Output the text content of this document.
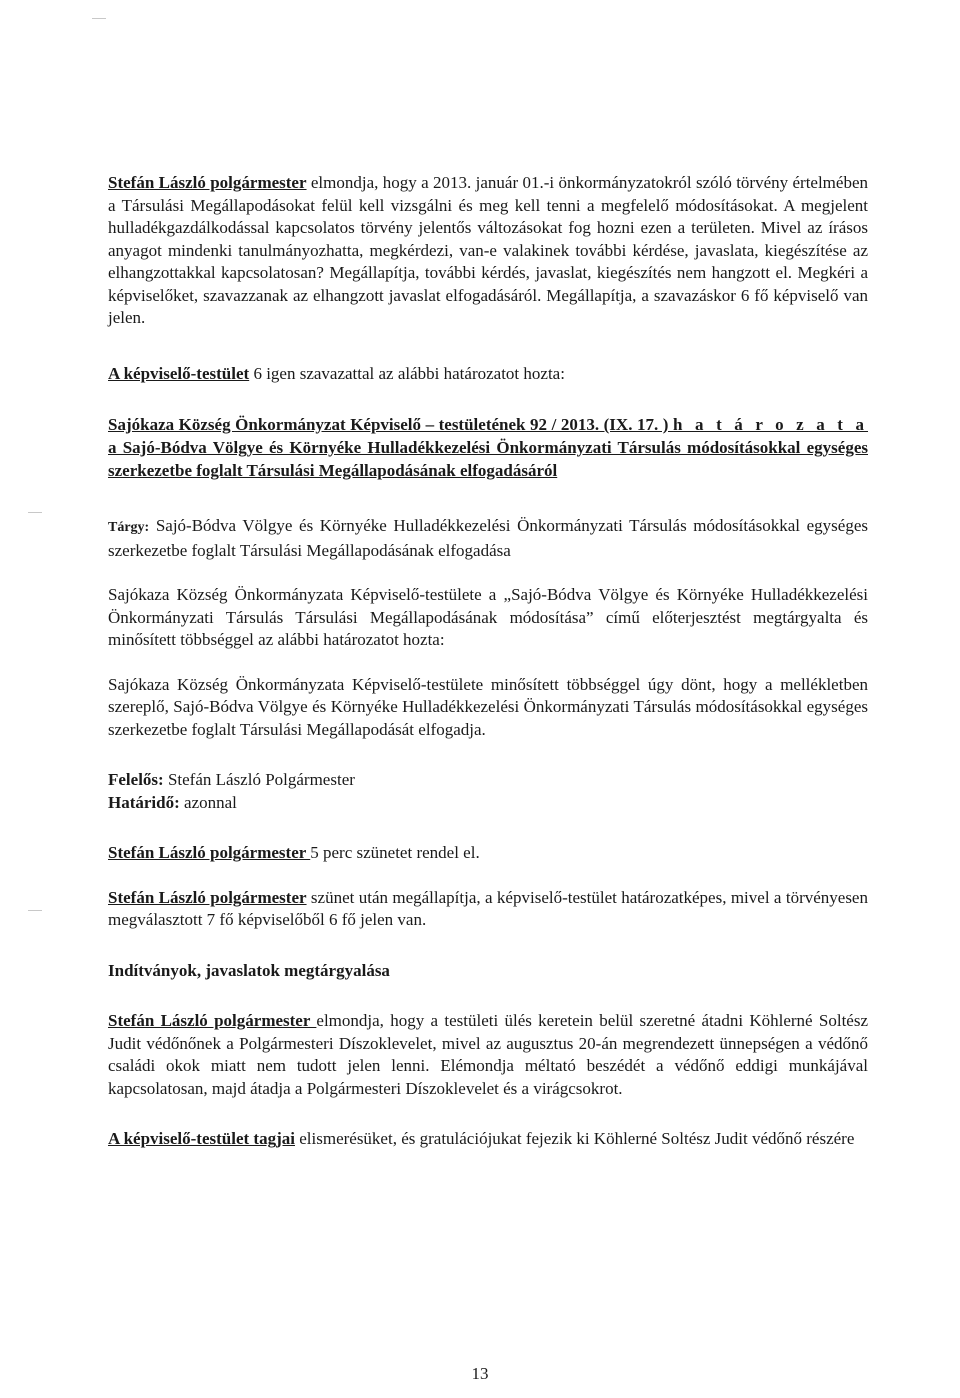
Stefán László polgármester elmondja, hogy a 2013. január 01.-i önkormányzatokról szóló törvény értelmében a Társulási Megállapodásokat felül kell vizsgálni és meg kell tenni a megfelelő módosításokat. A megjelent hulladékgazdálkodással kapcsolatos törvény jelentős változásokat fog hozni ezen a területen. Mivel az írásos anyagot mindenki tanulmányozhatta, megkérdezi, van-e valakinek további kérdése, javaslata, kiegészítése az elhangzottakkal kapcsolatosan? Megállapítja, további kérdés, javaslat, kiegészítés nem hangzott el. Megkéri a képviselőket, szavazzanak az elhangzott javaslat elfogadásáról. Megállapítja, a szavazáskor 6 fő képviselő van jelen.

A képviselő-testület 6 igen szavazattal az alábbi határozatot hozta:

Sajókaza Község Önkormányzat Képviselő – testületének 92 / 2013. (IX. 17. ) h a t á r o z a t a a Sajó-Bódva Völgye és Környéke Hulladékkezelési Önkormányzati Társulás módosításokkal egységes szerkezetbe foglalt Társulási Megállapodásának elfogadásáról

Tárgy: Sajó-Bódva Völgye és Környéke Hulladékkezelési Önkormányzati Társulás módosításokkal egységes szerkezetbe foglalt Társulási Megállapodásának elfogadása

Sajókaza Község Önkormányzata Képviselő-testülete a „Sajó-Bódva Völgye és Környéke Hulladékkezelési Önkormányzati Társulás Társulási Megállapodásának módosítása” című előterjesztést megtárgyalta és minősített többséggel az alábbi határozatot hozta:

Sajókaza Község Önkormányzata Képviselő-testülete minősített többséggel úgy dönt, hogy a mellékletben szereplő, Sajó-Bódva Völgye és Környéke Hulladékkezelési Önkormányzati Társulás módosításokkal egységes szerkezetbe foglalt Társulási Megállapodását elfogadja.

Felelős: Stefán László Polgármester

Határidő: azonnal

Stefán László polgármester 5 perc szünetet rendel el.

Stefán László polgármester szünet után megállapítja, a képviselő-testület határozatképes, mivel a törvényesen megválasztott 7 fő képviselőből 6 fő jelen van.

Indítványok, javaslatok megtárgyalása

Stefán László polgármester elmondja, hogy a testületi ülés keretein belül szeretné átadni Köhlerné Soltész Judit védőnőnek a Polgármesteri Díszoklevelet, mivel az augusztus 20-án megrendezett ünnepségen a védőnő családi okok miatt nem tudott jelen lenni. Elémondja méltató beszédét a védőnő eddigi munkájával kapcsolatosan, majd átadja a Polgármesteri Díszoklevelet és a virágcsokrot.

A képviselő-testület tagjai elismerésüket, és gratulációjukat fejezik ki Köhlerné Soltész Judit védőnő részére

13
